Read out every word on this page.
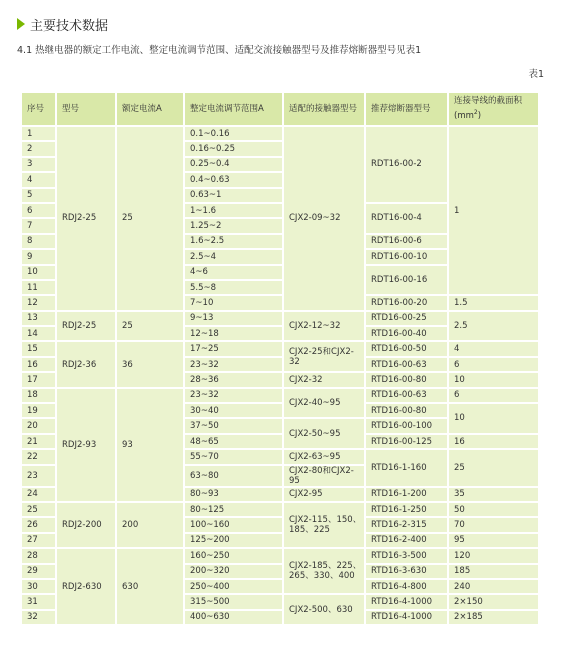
主要技术数据
4.1 热继电器的额定工作电流、整定电流调节范围、适配交流接触器型号及推荐熔断器型号见表1
表1
序号	型号	额定电流A	整定电流调节范围A	适配的接触器型号	推荐熔断器型号	连接导线的截面积
$(mm^2)$
1	RDJ2-25	25	0.1~0.16	CJX2-09~32	RDT16-00-2	1
2			0.16~0.25			
3			0.25~0.4			
4			0.4~0.63			
5			0.63~1			
6			1~1.6		RDT16-00-4	
7			1.25~2			
8			1.6~2.5		RDT16-00-6	
9			2.5~4		RDT16-00-10	
10			4~6		RDT16-00-16	
11			5.5~8			
12			7~10		RDT16-00-20	1.5
13	RDJ2-25	25	9~13	CJX2-12~32	RTD16-00-25	2.5
14			12~18		RTD16-00-40	
15	RDJ2-36	36	17~25	CJX2-25和CJX2-32	RTD16-00-50	4
16			23~32		RTD16-00-63	6
17			28~36	CJX2-32	RTD16-00-80	10
18	RDJ2-93	93	23~32	CJX2-40~95	RTD16-00-63	6
19			30~40		RTD16-00-80	10
20			37~50	CJX2-50~95	RTD16-00-100	
21			48~65		RTD16-00-125	16
22			55~70	CJX2-63~95	RTD16-1-160	25
23			63~80	CJX2-80和CJX2-95		
24			80~93	CJX2-95	RTD16-1-200	35
25	RDJ2-200	200	80~125	CJX2-115、150、185、225	RTD16-1-250	50
26			100~160		RTD16-2-315	70
27			125~200		RTD16-2-400	95
28	RDJ2-630	630	160~250	CJX2-185、225、265、330、400	RTD16-3-500	120
29			200~320		RTD16-3-630	185
30			250~400		RTD16-4-800	240
31			315~500	CJX2-500、630	RTD16-4-1000	2×150
32			400~630		RTD16-4-1000	2×185
